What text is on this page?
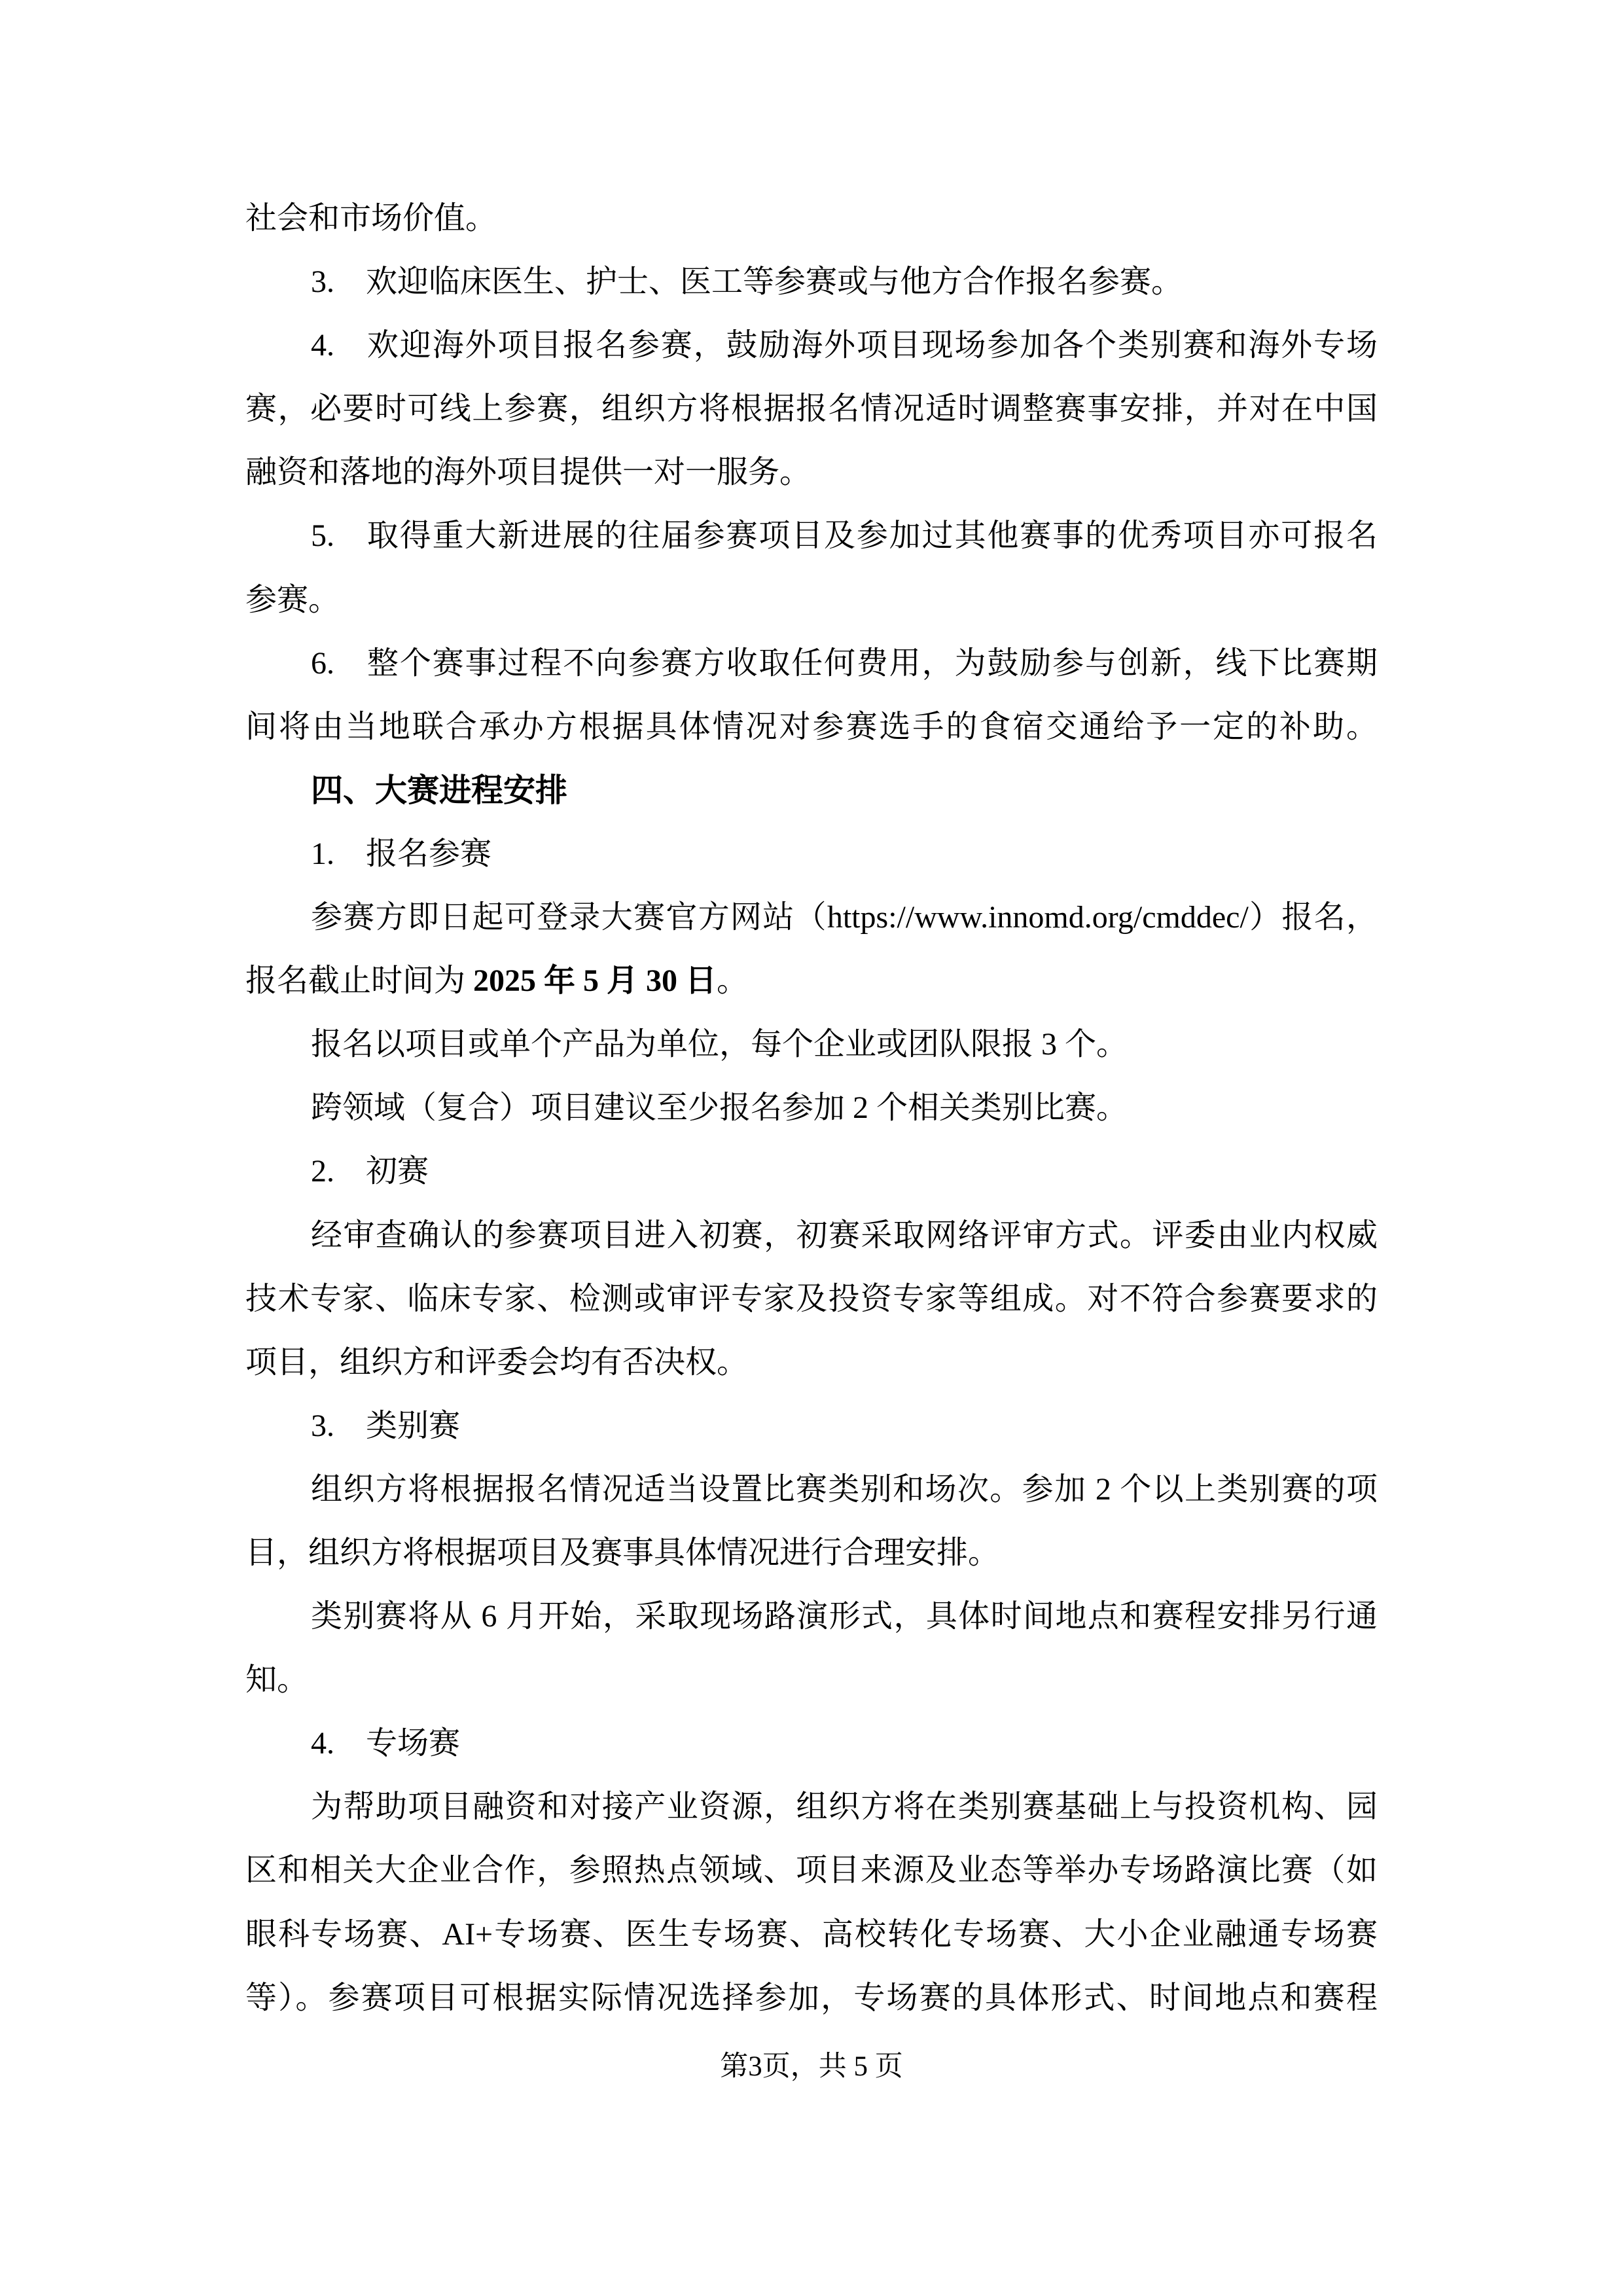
社会和市场价值。
3. 欢迎临床医生、护士、医工等参赛或与他方合作报名参赛。
4. 欢迎海外项目报名参赛，鼓励海外项目现场参加各个类别赛和海外专场
赛，必要时可线上参赛，组织方将根据报名情况适时调整赛事安排，并对在中国
融资和落地的海外项目提供一对一服务。
5. 取得重大新进展的往届参赛项目及参加过其他赛事的优秀项目亦可报名
参赛。
6. 整个赛事过程不向参赛方收取任何费用，为鼓励参与创新，线下比赛期
间将由当地联合承办方根据具体情况对参赛选手的食宿交通给予一定的补助。
四、大赛进程安排
1. 报名参赛
参赛方即日起可登录大赛官方网站（https://www.innomd.org/cmddec/）报名，
报名截止时间为 2025 年 5 月 30 日。
报名以项目或单个产品为单位，每个企业或团队限报 3 个。
跨领域（复合）项目建议至少报名参加 2 个相关类别比赛。
2. 初赛
经审查确认的参赛项目进入初赛，初赛采取网络评审方式。评委由业内权威
技术专家、临床专家、检测或审评专家及投资专家等组成。对不符合参赛要求的
项目，组织方和评委会均有否决权。
3. 类别赛
组织方将根据报名情况适当设置比赛类别和场次。参加 2 个以上类别赛的项
目，组织方将根据项目及赛事具体情况进行合理安排。
类别赛将从 6 月开始，采取现场路演形式，具体时间地点和赛程安排另行通
知。
4. 专场赛
为帮助项目融资和对接产业资源，组织方将在类别赛基础上与投资机构、园
区和相关大企业合作，参照热点领域、项目来源及业态等举办专场路演比赛（如
眼科专场赛、AI+专场赛、医生专场赛、高校转化专场赛、大小企业融通专场赛
等）。参赛项目可根据实际情况选择参加，专场赛的具体形式、时间地点和赛程
第3页，共 5 页
